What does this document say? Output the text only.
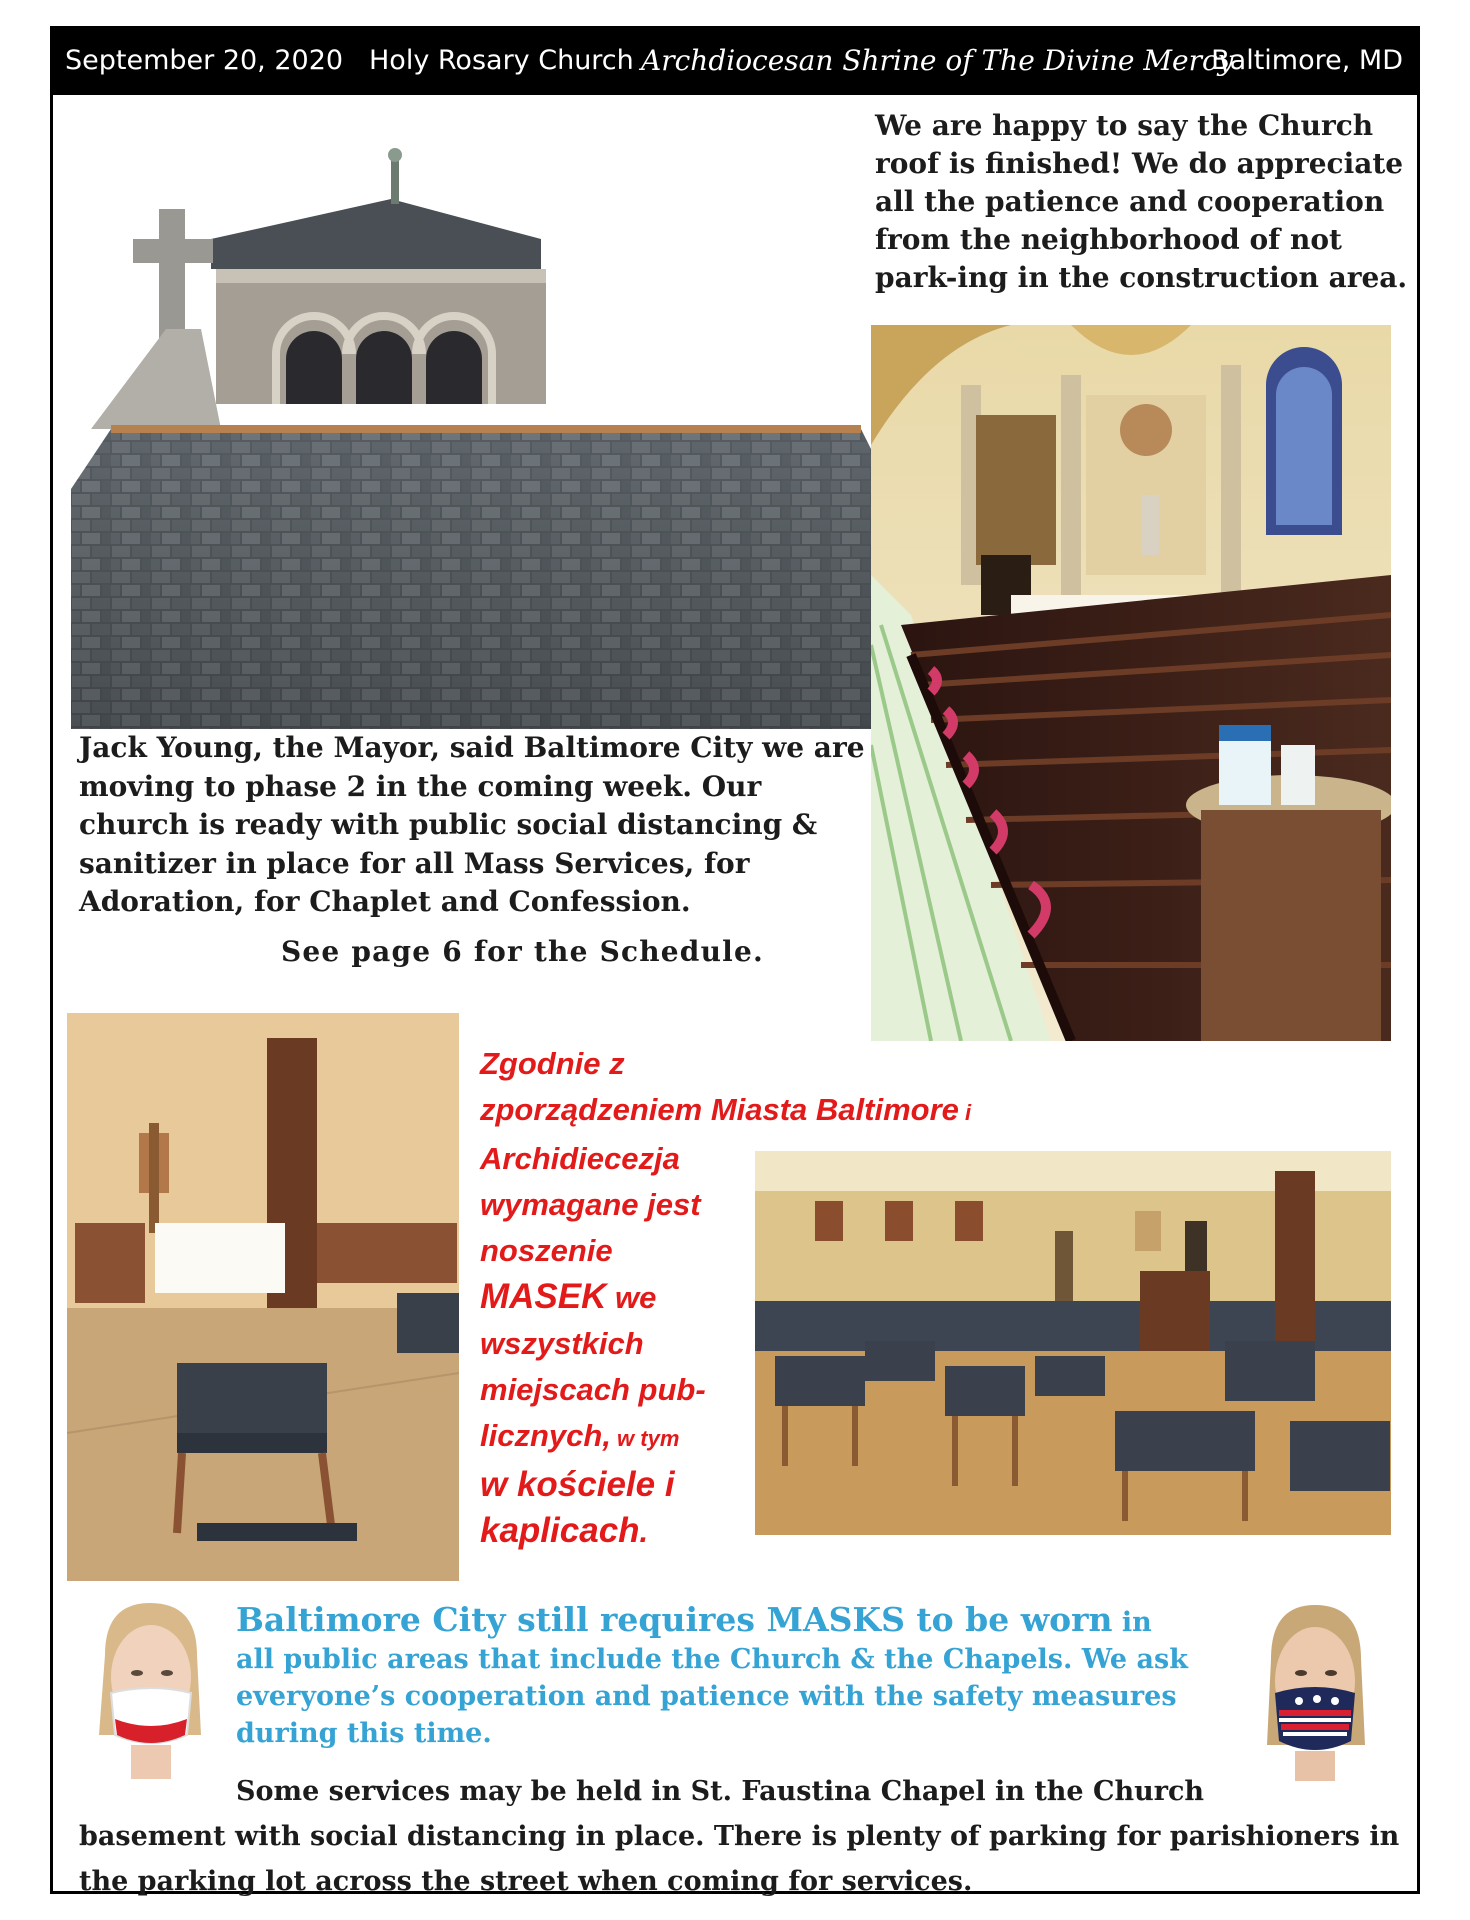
September 20, 2020 Holy Rosary Church Archdiocesan Shrine of The Divine Mercy
Baltimore, MD
We are happy to say the Church roof is finished! We do appreciate all the patience and cooperation from the neighborhood of not park-ing in the construction area.
Jack Young, the Mayor, said Baltimore City we are moving to phase 2 in the coming week. Our church is ready with public social distancing & sanitizer in place for all Mass Services, for Adoration, for Chaplet and Confession.
See page 6 for the Schedule.
Zgodnie z
zporządzeniem Miasta Baltimore i Archidiecezja
wymagane jest
noszenie
MASEK we
wszystkich
miejscach pub-
licznych, w tym
w kościele i
kaplicach.
Baltimore City still requires MASKS to be worn in all public areas that include the Church & the Chapels. We ask everyone’s cooperation and patience with the safety measures during this time.
Some services may be held in St. Faustina Chapel in the Church
basement with social distancing in place. There is plenty of parking for parishioners in the parking lot across the street when coming for services.
